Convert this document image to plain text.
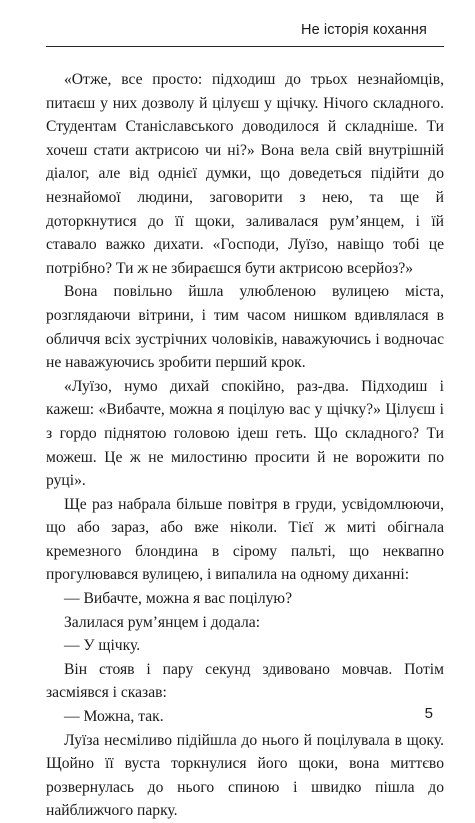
Не історія кохання

«Отже, все просто: підходиш до трьох незнайомців, питаєш у них дозволу й цілуєш у щічку. Нічого складного. Студентам Станіславського доводилося й складніше. Ти хочеш стати актрисою чи ні?» Вона вела свій внутрішній діалог, але від однієї думки, що доведеться підійти до незнайомої людини, заговорити з нею, та ще й доторкнутися до її щоки, заливалася рум’янцем, і їй ставало важко дихати. «Господи, Луїзо, навіщо тобі це потрібно? Ти ж не збираєшся бути актрисою всерйоз?»

Вона повільно йшла улюбленою вулицею міста, розглядаючи вітрини, і тим часом нишком вдивлялася в обличчя всіх зустрічних чоловіків, наважуючись і водночас не наважуючись зробити перший крок.

«Луїзо, нумо дихай спокійно, раз-два. Підходиш і кажеш: «Вибачте, можна я поцілую вас у щічку?» Цілуєш і з гордо піднятою головою ідеш геть. Що складного? Ти можеш. Це ж не милостиню просити й не ворожити по руці».

Ще раз набрала більше повітря в груди, усвідомлюючи, що або зараз, або вже ніколи. Тієї ж миті обігнала кремезного блондина в сірому пальті, що неквапно прогулювався вулицею, і випалила на одному диханні:

— Вибачте, можна я вас поцілую?

Залилася рум’янцем і додала:

— У щічку.

Він стояв і пару секунд здивовано мовчав. Потім засміявся і сказав:

— Можна, так.

Луїза несміливо підійшла до нього й поцілувала в щоку. Щойно її вуста торкнулися його щоки, вона миттєво розвернулась до нього спиною і швидко пішла до найближчого парку.

5
